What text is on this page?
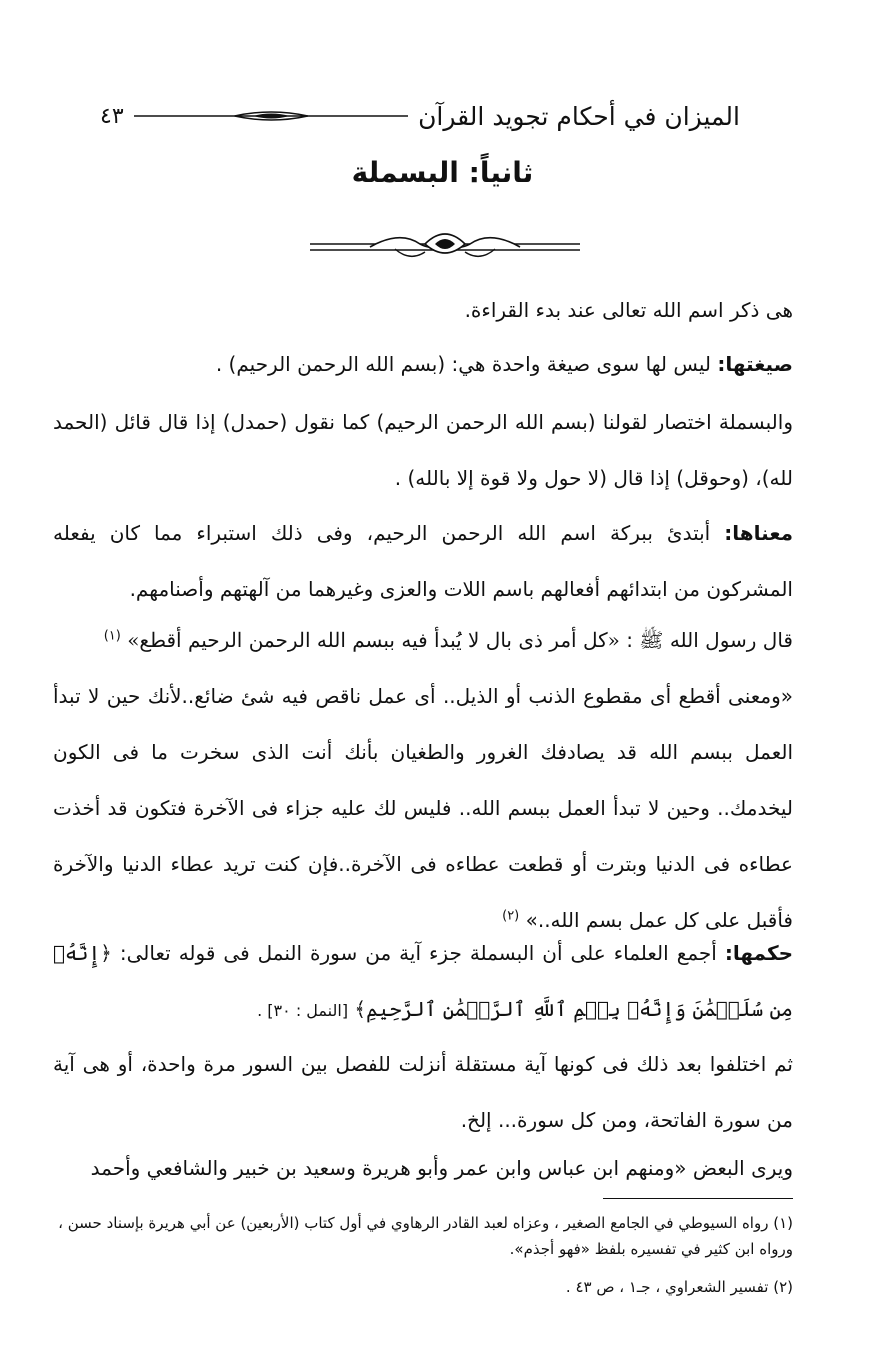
الميزان في أحكام تجويد القرآن
٤٣
ثانياً: البسملة

هى ذكر اسم الله تعالى عند بدء القراءة.

صيغتها: ليس لها سوى صيغة واحدة هي: (بسم الله الرحمن الرحيم) .

والبسملة اختصار لقولنا (بسم الله الرحمن الرحيم) كما نقول (حمدل) إذا قال قائل (الحمد لله)، (وحوقل) إذا قال (لا حول ولا قوة إلا بالله) .

معناها: أبتدئ ببركة اسم الله الرحمن الرحيم، وفى ذلك استبراء مما كان يفعله المشركون من ابتدائهم أفعالهم باسم اللات والعزى وغيرهما من آلهتهم وأصنامهم.

قال رسول الله ﷺ : «كل أمر ذى بال لا يُبدأ فيه ببسم الله الرحمن الرحيم أقطع» $^{(١)}$

«ومعنى أقطع أى مقطوع الذنب أو الذيل.. أى عمل ناقص فيه شئ ضائع..لأنك حين لا تبدأ العمل ببسم الله قد يصادفك الغرور والطغيان بأنك أنت الذى سخرت ما فى الكون ليخدمك.. وحين لا تبدأ العمل ببسم الله.. فليس لك عليه جزاء فى الآخرة فتكون قد أخذت عطاءه فى الدنيا وبترت أو قطعت عطاءه فى الآخرة..فإن كنت تريد عطاء الدنيا والآخرة فأقبل على كل عمل بسم الله..» $^{(٢)}$

حكمها: أجمع العلماء على أن البسملة جزء آية من سورة النمل فى قوله تعالى: ﴿إِنَّهُۥ مِن سُلَيۡمَٰنَ وَإِنَّهُۥ بِسۡمِ ٱللَّهِ ٱلرَّحۡمَٰنِ ٱلرَّحِيمِ﴾ [النمل : ٣٠] .

ثم اختلفوا بعد ذلك فى كونها آية مستقلة أنزلت للفصل بين السور مرة واحدة، أو هى آية من سورة الفاتحة، ومن كل سورة... إلخ.

ويرى البعض «ومنهم ابن عباس وابن عمر وأبو هريرة وسعيد بن خبير والشافعي وأحمد

(١) رواه السيوطي في الجامع الصغير ، وعزاه لعبد القادر الرهاوي في أول كتاب (الأربعين) عن أبي هريرة بإسناد حسن ، ورواه ابن كثير في تفسيره بلفظ «فهو أجذم».

(٢) تفسير الشعراوي ، جـ١ ، ص ٤٣ .
